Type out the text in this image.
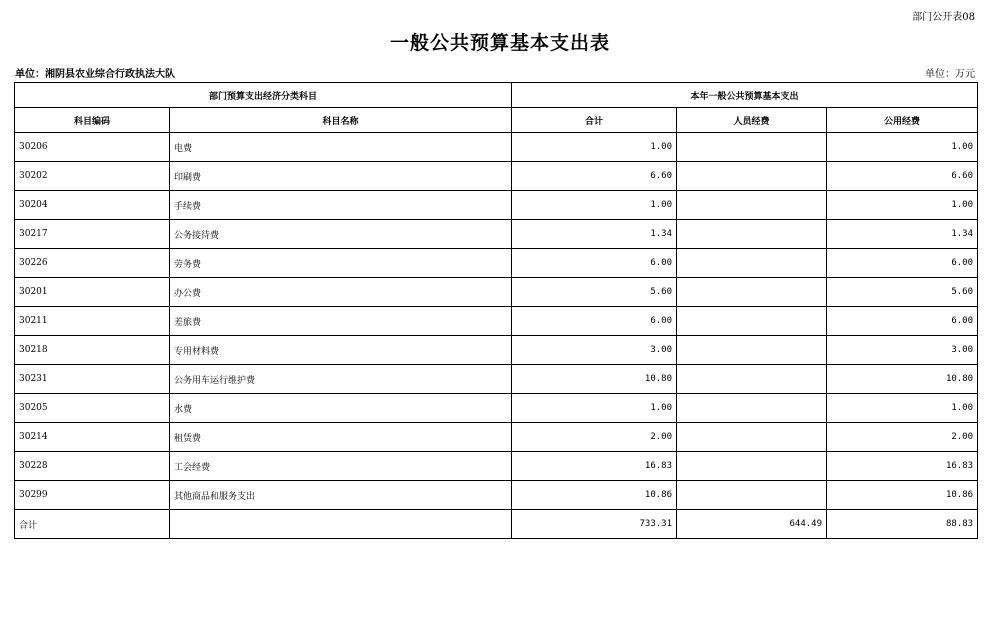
部门公开表08
一般公共预算基本支出表
单位：湘阴县农业综合行政执法大队	单位：万元
部门预算支出经济分类科目		本年一般公共预算基本支出		
科目编码	科目名称	合计	人员经费	公用经费
30206	电费	1.00		1.00
30202	印刷费	6.60		6.60
30204	手续费	1.00		1.00
30217	公务接待费	1.34		1.34
30226	劳务费	6.00		6.00
30201	办公费	5.60		5.60
30211	差旅费	6.00		6.00
30218	专用材料费	3.00		3.00
30231	公务用车运行维护费	10.80		10.80
30205	水费	1.00		1.00
30214	租赁费	2.00		2.00
30228	工会经费	16.83		16.83
30299	其他商品和服务支出	10.86		10.86
合计		733.31	644.49	88.83
